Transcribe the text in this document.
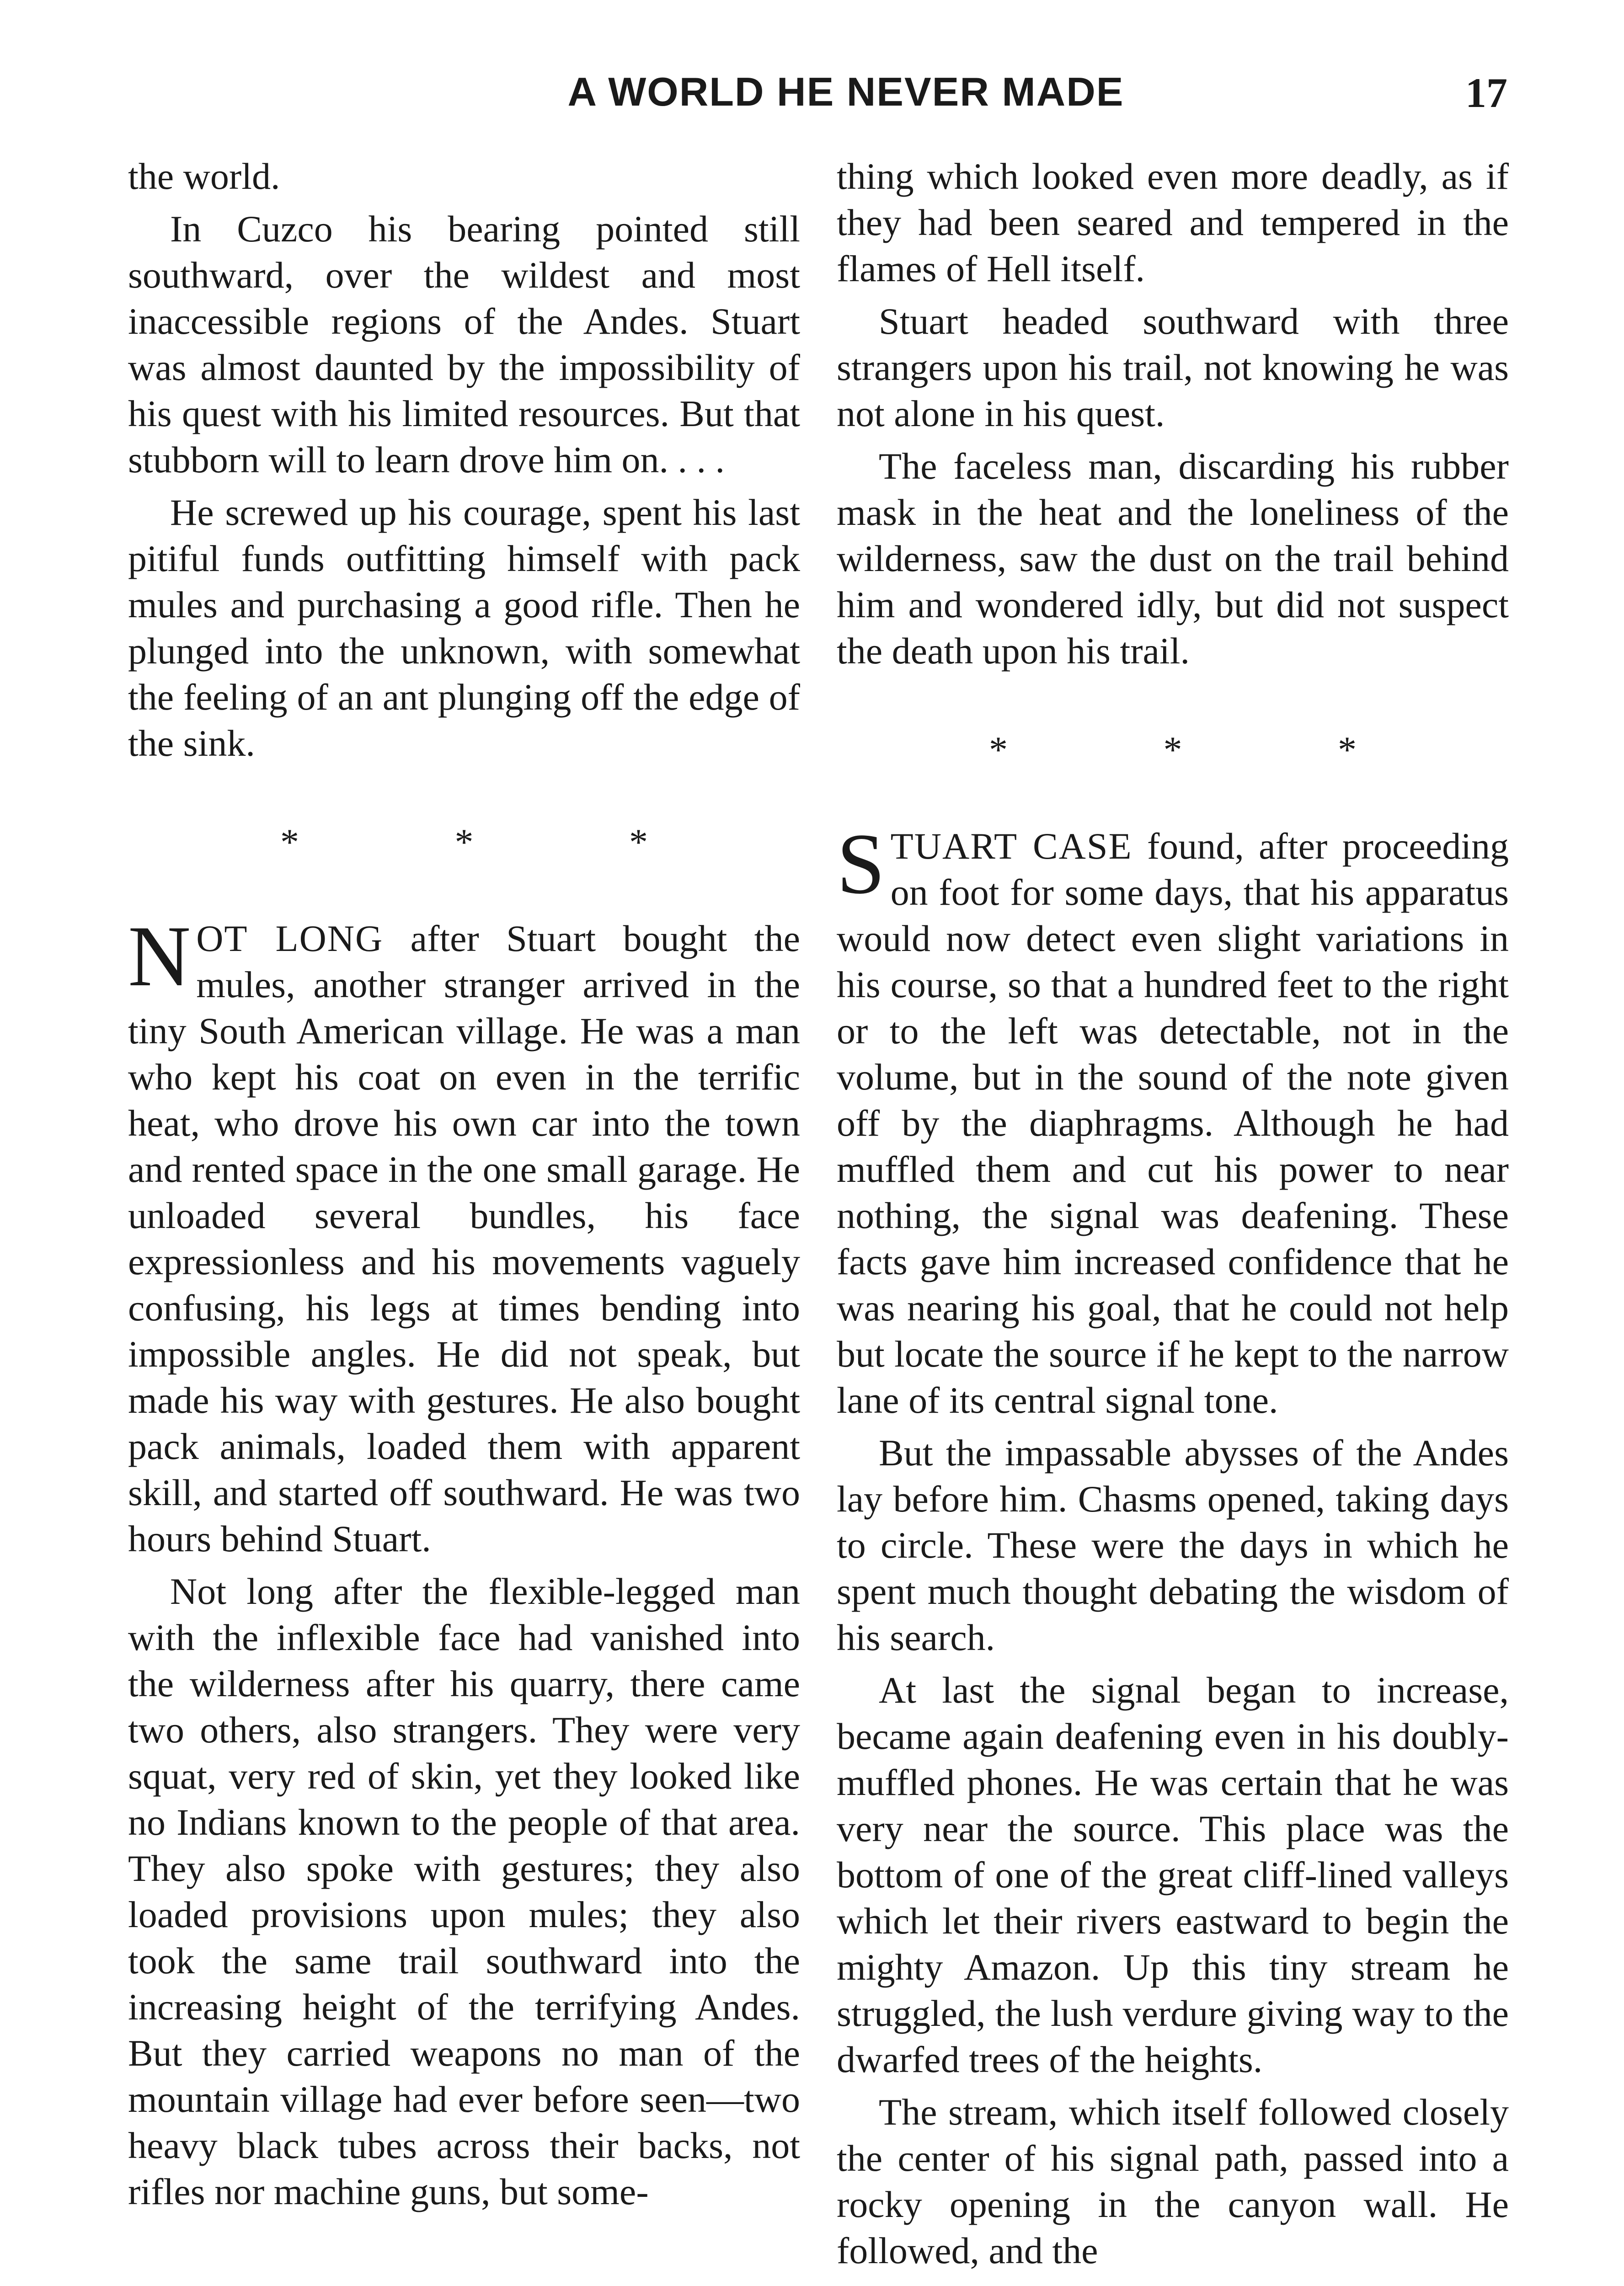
A WORLD HE NEVER MADE	17

the world.

In Cuzco his bearing pointed still southward, over the wildest and most inaccessible regions of the Andes. Stuart was almost daunted by the impossibility of his quest with his limited resources. But that stubborn will to learn drove him on. . . .

He screwed up his courage, spent his last pitiful funds outfitting himself with pack mules and purchasing a good rifle. Then he plunged into the unknown, with somewhat the feeling of an ant plunging off the edge of the sink.

* * *

NOT LONG after Stuart bought the mules, another stranger arrived in the tiny South American village. He was a man who kept his coat on even in the terrific heat, who drove his own car into the town and rented space in the one small garage. He unloaded several bundles, his face expressionless and his movements vaguely confusing, his legs at times bending into impossible angles. He did not speak, but made his way with gestures. He also bought pack animals, loaded them with apparent skill, and started off southward. He was two hours behind Stuart.

Not long after the flexible-legged man with the inflexible face had vanished into the wilderness after his quarry, there came two others, also strangers. They were very squat, very red of skin, yet they looked like no Indians known to the people of that area. They also spoke with gestures; they also loaded provisions upon mules; they also took the same trail southward into the increasing height of the terrifying Andes. But they carried weapons no man of the mountain village had ever before seen—two heavy black tubes across their backs, not rifles nor machine guns, but some-

thing which looked even more deadly, as if they had been seared and tempered in the flames of Hell itself.

Stuart headed southward with three strangers upon his trail, not knowing he was not alone in his quest.

The faceless man, discarding his rubber mask in the heat and the loneliness of the wilderness, saw the dust on the trail behind him and wondered idly, but did not suspect the death upon his trail.

* * *

STUART CASE found, after proceeding on foot for some days, that his apparatus would now detect even slight variations in his course, so that a hundred feet to the right or to the left was detectable, not in the volume, but in the sound of the note given off by the diaphragms. Although he had muffled them and cut his power to near nothing, the signal was deafening. These facts gave him increased confidence that he was nearing his goal, that he could not help but locate the source if he kept to the narrow lane of its central signal tone.

But the impassable abysses of the Andes lay before him. Chasms opened, taking days to circle. These were the days in which he spent much thought debating the wisdom of his search.

At last the signal began to increase, became again deafening even in his doubly-muffled phones. He was certain that he was very near the source. This place was the bottom of one of the great cliff-lined valleys which let their rivers eastward to begin the mighty Amazon. Up this tiny stream he struggled, the lush verdure giving way to the dwarfed trees of the heights.

The stream, which itself followed closely the center of his signal path, passed into a rocky opening in the canyon wall. He followed, and the
